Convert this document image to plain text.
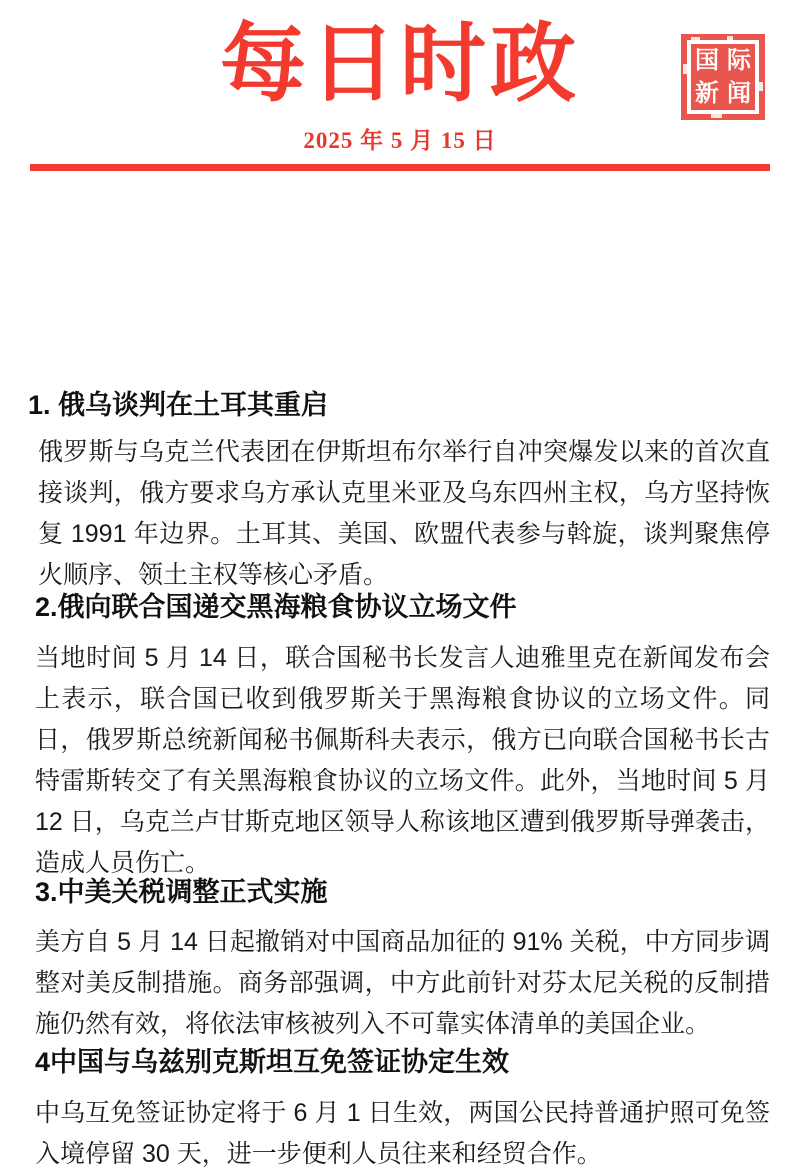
每日时政
2025 年 5 月 15 日
国 际
新 闻
1. 俄乌谈判在土耳其重启

俄罗斯与乌克兰代表团在伊斯坦布尔举行自冲突爆发以来的首次直接谈判，俄方要求乌方承认克里米亚及乌东四州主权，乌方坚持恢复 1991 年边界。土耳其、美国、欧盟代表参与斡旋，谈判聚焦停火顺序、领土主权等核心矛盾。

2.俄向联合国递交黑海粮食协议立场文件

当地时间 5 月 14 日，联合国秘书长发言人迪雅里克在新闻发布会上表示，联合国已收到俄罗斯关于黑海粮食协议的立场文件。同日，俄罗斯总统新闻秘书佩斯科夫表示，俄方已向联合国秘书长古特雷斯转交了有关黑海粮食协议的立场文件。此外，当地时间 5 月 12 日，乌克兰卢甘斯克地区领导人称该地区遭到俄罗斯导弹袭击，造成人员伤亡。

3.中美关税调整正式实施

美方自 5 月 14 日起撤销对中国商品加征的 91% 关税，中方同步调整对美反制措施。商务部强调，中方此前针对芬太尼关税的反制措施仍然有效，将依法审核被列入不可靠实体清单的美国企业。

4中国与乌兹别克斯坦互免签证协定生效

中乌互免签证协定将于 6 月 1 日生效，两国公民持普通护照可免签入境停留 30 天，进一步便利人员往来和经贸合作。
